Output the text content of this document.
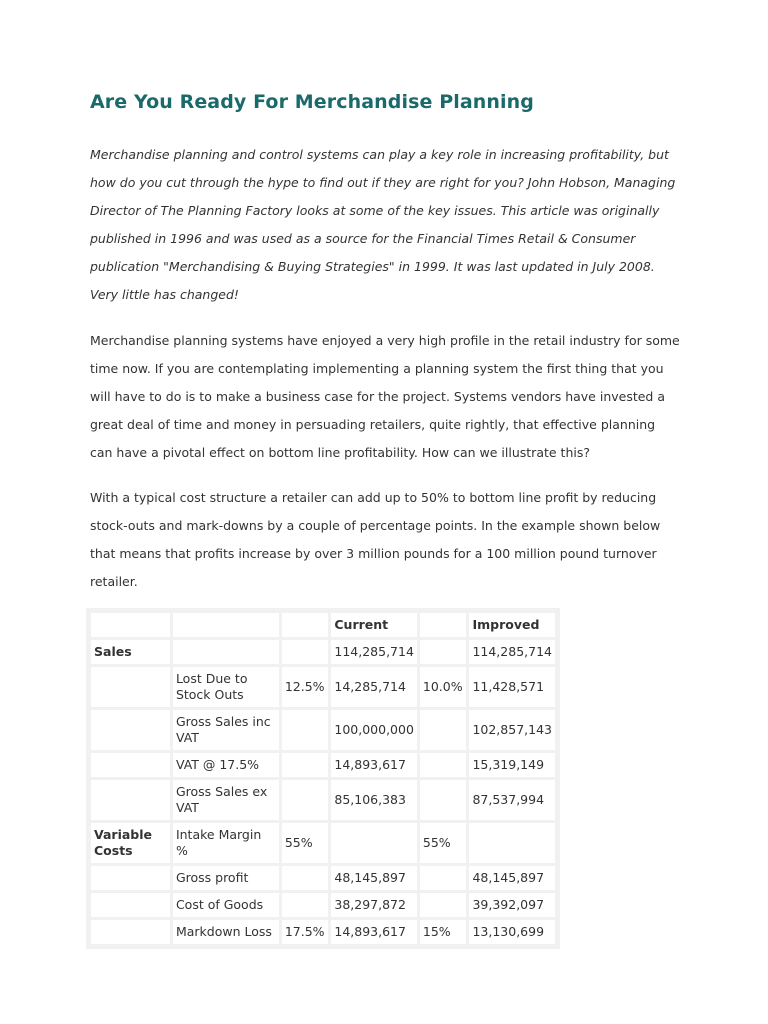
Are You Ready For Merchandise Planning

Merchandise planning and control systems can play a key role in increasing profitability, but
how do you cut through the hype to find out if they are right for you? John Hobson, Managing
Director of The Planning Factory looks at some of the key issues. This article was originally
published in 1996 and was used as a source for the Financial Times Retail & Consumer
publication "Merchandising & Buying Strategies" in 1999. It was last updated in July 2008.
Very little has changed!

Merchandise planning systems have enjoyed a very high profile in the retail industry for some
time now. If you are contemplating implementing a planning system the first thing that you
will have to do is to make a business case for the project. Systems vendors have invested a
great deal of time and money in persuading retailers, quite rightly, that effective planning
can have a pivotal effect on bottom line profitability. How can we illustrate this?

With a typical cost structure a retailer can add up to 50% to bottom line profit by reducing
stock-outs and mark-downs by a couple of percentage points. In the example shown below
that means that profits increase by over 3 million pounds for a 100 million pound turnover
retailer.

			Current		Improved
Sales			114,285,714		114,285,714
	Lost Due to Stock Outs	12.5%	14,285,714	10.0%	11,428,571
	Gross Sales inc VAT		100,000,000		102,857,143
	VAT @ 17.5%		14,893,617		15,319,149
	Gross Sales ex VAT		85,106,383		87,537,994
Variable Costs	Intake Margin %	55%		55%	
	Gross profit		48,145,897		48,145,897
	Cost of Goods		38,297,872		39,392,097
	Markdown Loss	17.5%	14,893,617	15%	13,130,699
